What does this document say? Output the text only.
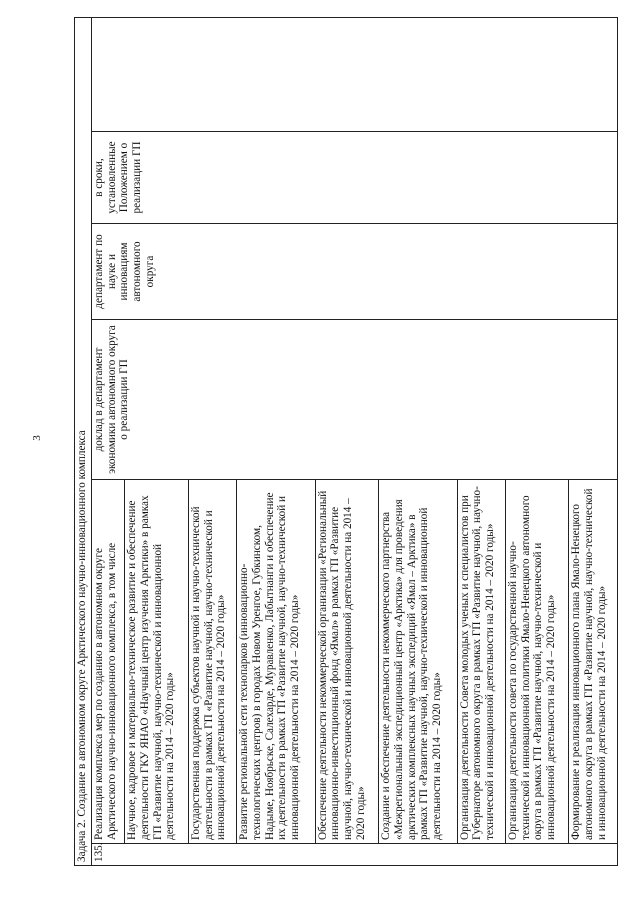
3	Задача 2. Создание в автономном округе Арктического научно-инновационного комплекса
135.	Реализация комплекса мер по созданию в автономном округе Арктического научно-инновационного комплекса, в том числе	доклад в департамент экономики автономного округа о реализации ГП	департамент по науке и инновациям автономного округа	в сроки, установленные Положением о реализации ГП	
Научное, кадровое и материально-техническое развитие и обеспечение деятельности ГКУ ЯНАО «Научный центр изучения Арктики» в рамках ГП «Развитие научной, научно-технической и инновационной деятельности на 2014 – 2020 годы»
Государственная поддержка субъектов научной и научно-технической деятельности в рамках ГП «Развитие научной, научно-технической и инновационной деятельности на 2014 – 2020 годы»
Развитие региональной сети технопарков (инновационно-технологических центров) в городах Новом Уренгое, Губкинском, Надыме, Ноябрьске, Салехарде, Муравленко, Лабытнанги и обеспечение их деятельности в рамках ГП «Развитие научной, научно-технической и инновационной деятельности на 2014 – 2020 годы»
Обеспечение деятельности некоммерческой организации «Региональный инновационно-инвестиционный фонд «Ямал» в рамках ГП «Развитие научной, научно-технической и инновационной деятельности на 2014 – 2020 годы»
Создание и обеспечение деятельности некоммерческого партнерства «Межрегиональный экспедиционный центр «Арктика» для проведения арктических комплексных научных экспедиций «Ямал – Арктика» в рамках ГП «Развитие научной, научно-технической и инновационной деятельности на 2014 – 2020 годы»
Организация деятельности Совета молодых ученых и специалистов при Губернаторе автономного округа в рамках ГП «Развитие научной, научно-технической и инновационной деятельности на 2014 – 2020 годы»
Организация деятельности совета по государственной научно-технической и инновационной политики Ямало-Ненецкого автономного округа в рамках ГП «Развитие научной, научно-технической и инновационной деятельности на 2014 – 2020 годы»
Формирование и реализация инновационного плана Ямало-Ненецкого автономного округа в рамках ГП «Развитие научной, научно-технической и инновационной деятельности на 2014 – 2020 годы»
